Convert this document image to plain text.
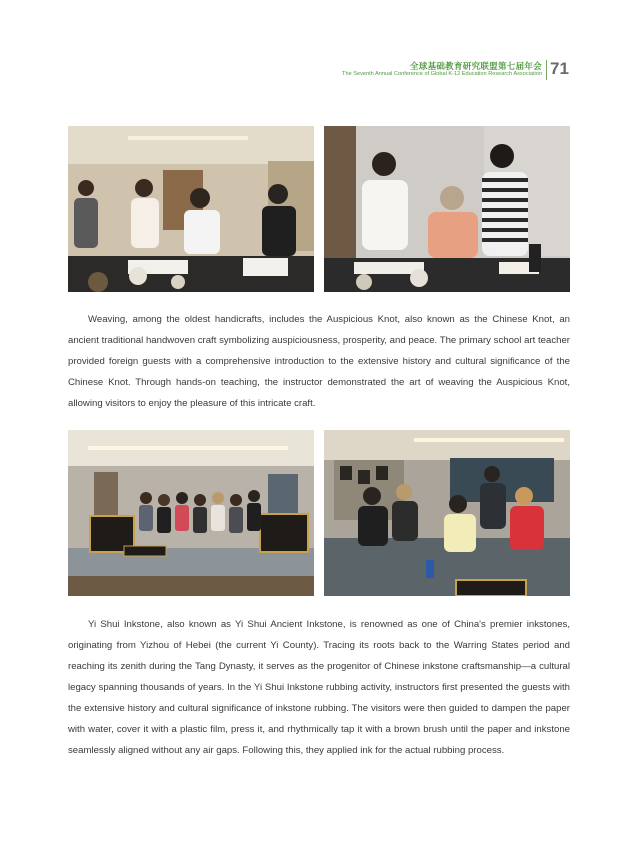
全球基础教育研究联盟第七届年会
The Seventh Annual Conference of Global K-12 Education Research Association 71

Weaving, among the oldest handicrafts, includes the Auspicious Knot, also known as the Chinese Knot, an ancient traditional handwoven craft symbolizing auspiciousness, prosperity, and peace. The primary school art teacher provided foreign guests with a comprehensive introduction to the extensive history and cultural significance of the Chinese Knot. Through hands-on teaching, the instructor demonstrated the art of weaving the Auspicious Knot, allowing visitors to enjoy the pleasure of this intricate craft.

Yi Shui Inkstone, also known as Yi Shui Ancient Inkstone, is renowned as one of China's premier inkstones, originating from Yizhou of Hebei (the current Yi County). Tracing its roots back to the Warring States period and reaching its zenith during the Tang Dynasty, it serves as the progenitor of Chinese inkstone craftsmanship—a cultural legacy spanning thousands of years. In the Yi Shui Inkstone rubbing activity, instructors first presented the guests with the extensive history and cultural significance of inkstone rubbing. The visitors were then guided to dampen the paper with water, cover it with a plastic film, press it, and rhythmically tap it with a brown brush until the paper and inkstone seamlessly aligned without any air gaps. Following this, they applied ink for the actual rubbing process.
